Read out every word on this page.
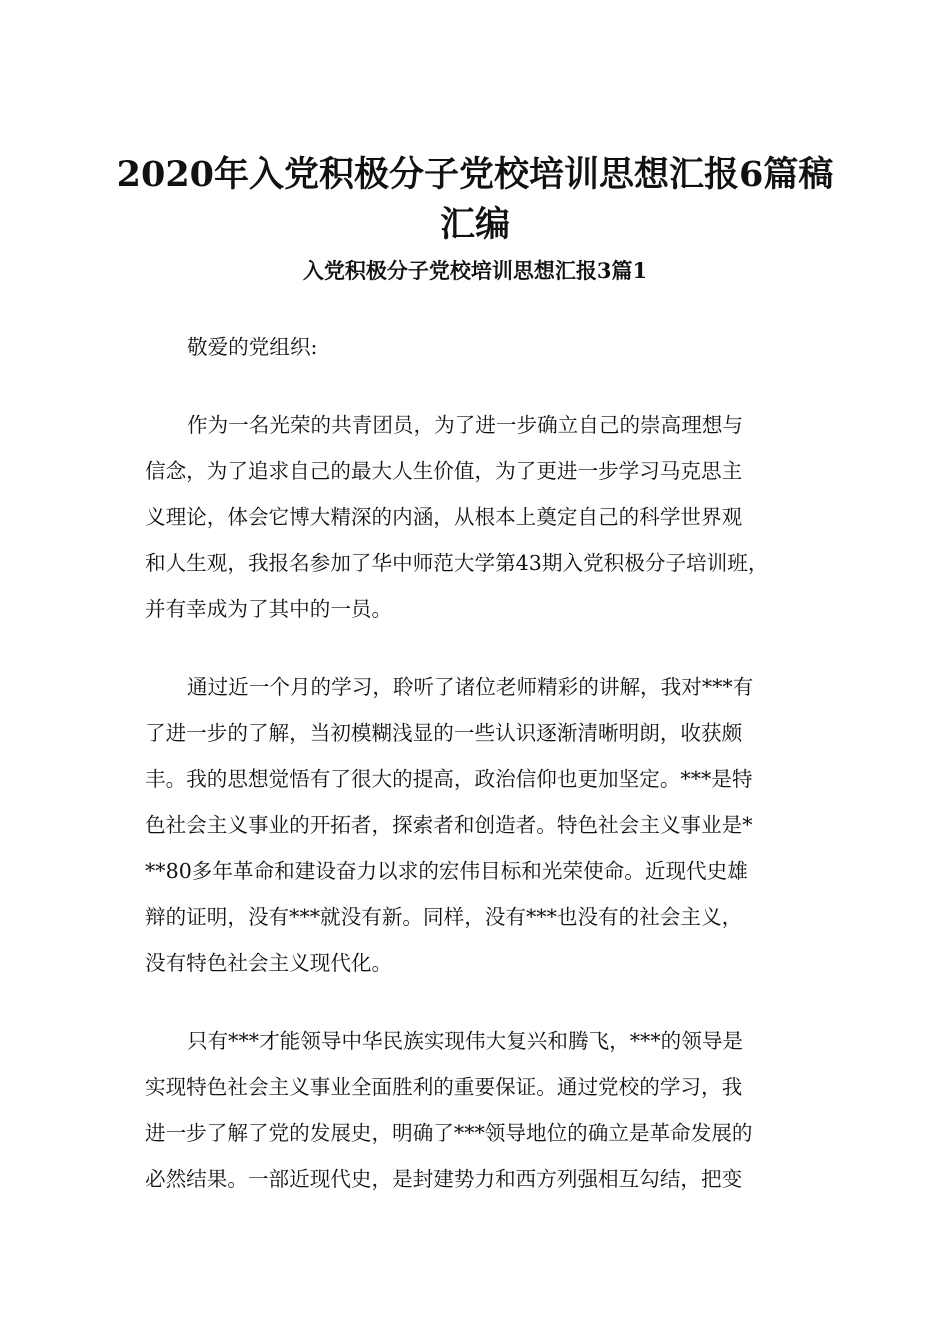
2020年入党积极分子党校培训思想汇报6篇稿
汇编
入党积极分子党校培训思想汇报3篇1

敬爱的党组织:

作为一名光荣的共青团员，为了进一步确立自己的崇高理想与

信念，为了追求自己的最大人生价值，为了更进一步学习马克思主

义理论，体会它博大精深的内涵，从根本上奠定自己的科学世界观

和人生观，我报名参加了华中师范大学第43期入党积极分子培训班，

并有幸成为了其中的一员。

通过近一个月的学习，聆听了诸位老师精彩的讲解，我对***有

了进一步的了解，当初模糊浅显的一些认识逐渐清晰明朗，收获颇

丰。我的思想觉悟有了很大的提高，政治信仰也更加坚定。***是特

色社会主义事业的开拓者，探索者和创造者。特色社会主义事业是*

**80多年革命和建设奋力以求的宏伟目标和光荣使命。近现代史雄

辩的证明，没有***就没有新。同样，没有***也没有的社会主义，

没有特色社会主义现代化。

只有***才能领导中华民族实现伟大复兴和腾飞，***的领导是

实现特色社会主义事业全面胜利的重要保证。通过党校的学习，我

进一步了解了党的发展史，明确了***领导地位的确立是革命发展的

必然结果。一部近现代史，是封建势力和西方列强相互勾结，把变
